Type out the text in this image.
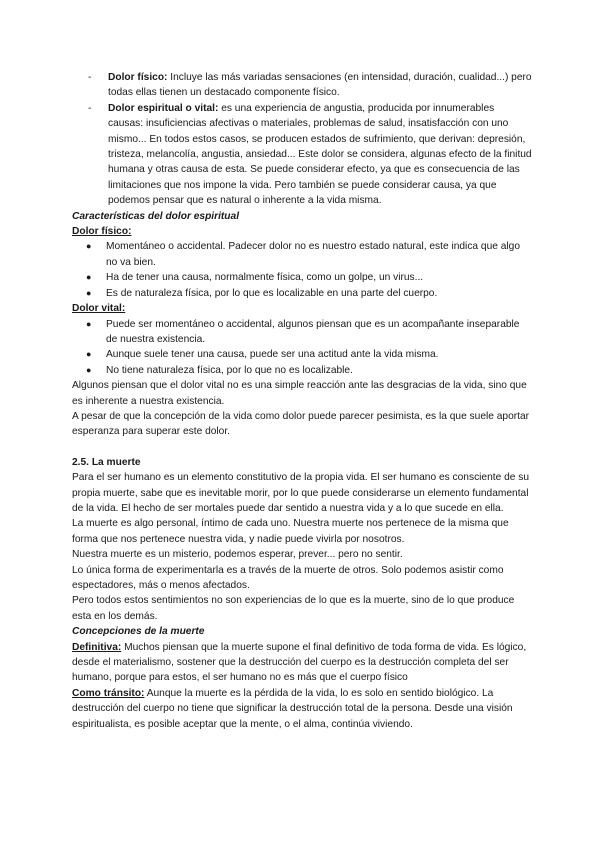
-	Dolor físico: Incluye las más variadas sensaciones (en intensidad, duración, cualidad...) pero todas ellas tienen un destacado componente físico.
-	Dolor espiritual o vital: es una experiencia de angustia, producida por innumerables causas: insuficiencias afectivas o materiales, problemas de salud, insatisfacción con uno mismo... En todos estos casos, se producen estados de sufrimiento, que derivan: depresión, tristeza, melancolía, angustia, ansiedad... Este dolor se considera, algunas efecto de la finitud humana y otras causa de esta. Se puede considerar efecto, ya que es consecuencia de las limitaciones que nos impone la vida. Pero también se puede considerar causa, ya que podemos pensar que es natural o inherente a la vida misma.

Características del dolor espiritual

Dolor físico:

●	Momentáneo o accidental. Padecer dolor no es nuestro estado natural, este indica que algo no va bien.
●	Ha de tener una causa, normalmente física, como un golpe, un virus...
●	Es de naturaleza física, por lo que es localizable en una parte del cuerpo.

Dolor vital:

●	Puede ser momentáneo o accidental, algunos piensan que es un acompañante inseparable de nuestra existencia.
●	Aunque suele tener una causa, puede ser una actitud ante la vida misma.
●	No tiene naturaleza física, por lo que no es localizable.

Algunos piensan que el dolor vital no es una simple reacción ante las desgracias de la vida, sino que es inherente a nuestra existencia.

A pesar de que la concepción de la vida como dolor puede parecer pesimista, es la que suele aportar esperanza para superar este dolor.

2.5. La muerte

Para el ser humano es un elemento constitutivo de la propia vida. El ser humano es consciente de su propia muerte, sabe que es inevitable morir, por lo que puede considerarse un elemento fundamental de la vida. El hecho de ser mortales puede dar sentido a nuestra vida y a lo que sucede en ella.

La muerte es algo personal, íntimo de cada uno. Nuestra muerte nos pertenece de la misma que forma que nos pertenece nuestra vida, y nadie puede vivirla por nosotros.

Nuestra muerte es un misterio, podemos esperar, prever... pero no sentir.

Lo única forma de experimentarla es a través de la muerte de otros. Solo podemos asistir como espectadores, más o menos afectados.

Pero todos estos sentimientos no son experiencias de lo que es la muerte, sino de lo que produce esta en los demás.

Concepciones de la muerte

Definitiva: Muchos piensan que la muerte supone el final definitivo de toda forma de vida. Es lógico, desde el materialismo, sostener que la destrucción del cuerpo es la destrucción completa del ser humano, porque para estos, el ser humano no es más que el cuerpo físico

Como tránsito: Aunque la muerte es la pérdida de la vida, lo es solo en sentido biológico. La destrucción del cuerpo no tiene que significar la destrucción total de la persona. Desde una visión espiritualista, es posible aceptar que la mente, o el alma, continúa viviendo.
